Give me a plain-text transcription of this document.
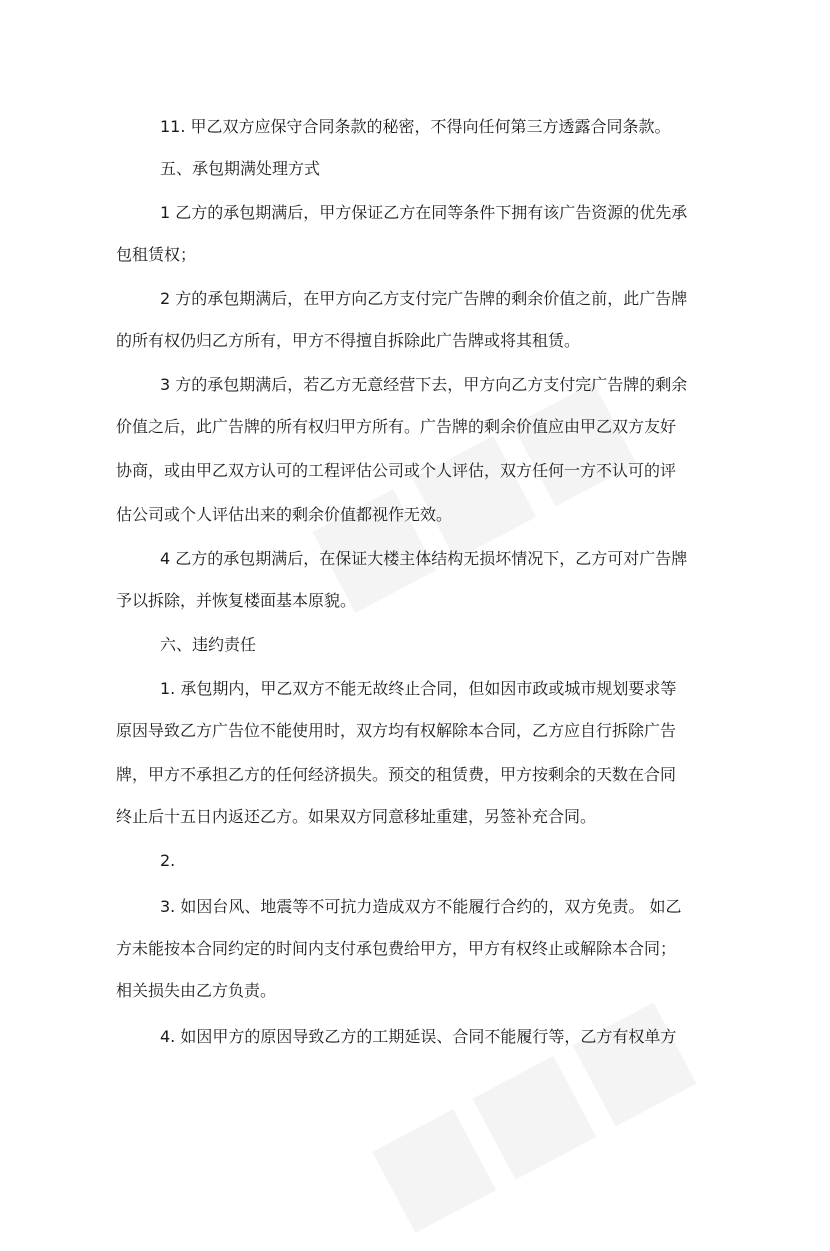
11. 甲乙双方应保守合同条款的秘密，不得向任何第三方透露合同条款。

五、承包期满处理方式

1 乙方的承包期满后，甲方保证乙方在同等条件下拥有该广告资源的优先承

包租赁权；

2 方的承包期满后，在甲方向乙方支付完广告牌的剩余价值之前，此广告牌

的所有权仍归乙方所有，甲方不得擅自拆除此广告牌或将其租赁。

3 方的承包期满后，若乙方无意经营下去，甲方向乙方支付完广告牌的剩余

价值之后，此广告牌的所有权归甲方所有。广告牌的剩余价值应由甲乙双方友好

协商，或由甲乙双方认可的工程评估公司或个人评估，双方任何一方不认可的评

估公司或个人评估出来的剩余价值都视作无效。

4 乙方的承包期满后，在保证大楼主体结构无损坏情况下，乙方可对广告牌

予以拆除，并恢复楼面基本原貌。

六、违约责任

1. 承包期内，甲乙双方不能无故终止合同，但如因市政或城市规划要求等

原因导致乙方广告位不能使用时，双方均有权解除本合同，乙方应自行拆除广告

牌，甲方不承担乙方的任何经济损失。预交的租赁费，甲方按剩余的天数在合同

终止后十五日内返还乙方。如果双方同意移址重建，另签补充合同。

2.

3. 如因台风、地震等不可抗力造成双方不能履行合约的，双方免责。 如乙

方未能按本合同约定的时间内支付承包费给甲方，甲方有权终止或解除本合同；

相关损失由乙方负责。

4. 如因甲方的原因导致乙方的工期延误、合同不能履行等，乙方有权单方
